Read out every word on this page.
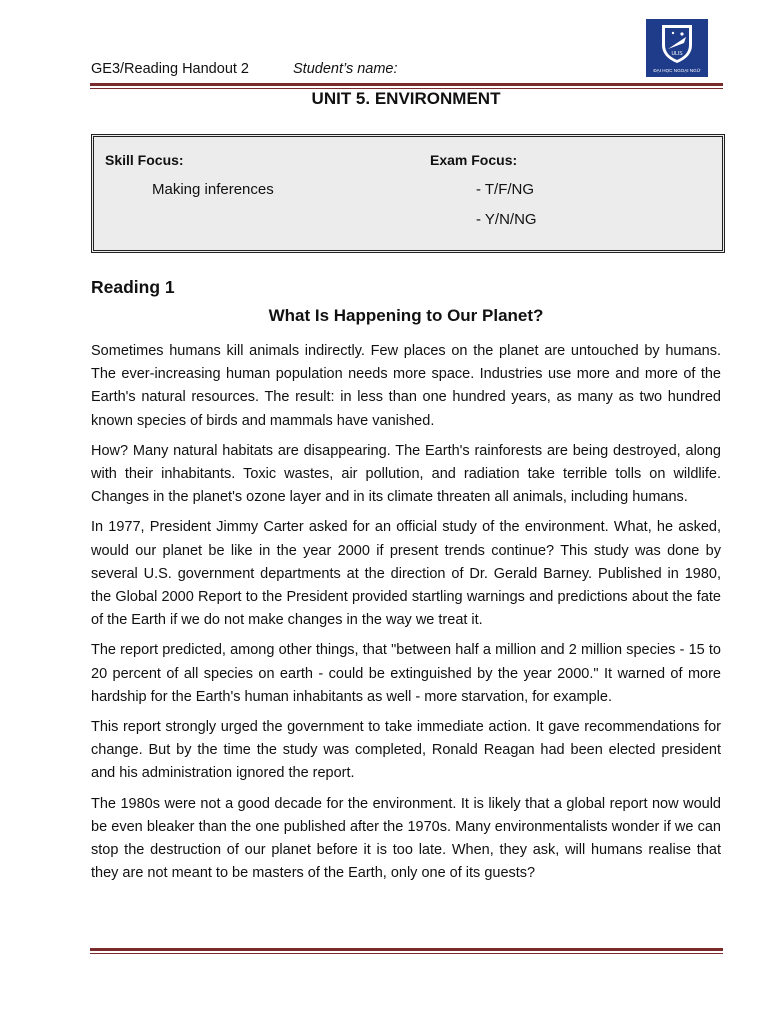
GE3/Reading Handout 2	Student’s name:
ULIS
ĐẠI HỌC NGOẠI NGỮ
UNIT 5. ENVIRONMENT
Skill Focus:
Making inferences
Exam Focus:
- T/F/NG
- Y/N/NG
Reading 1
What Is Happening to Our Planet?

Sometimes humans kill animals indirectly. Few places on the planet are untouched by humans. The ever-increasing human population needs more space. Industries use more and more of the Earth's natural resources. The result: in less than one hundred years, as many as two hundred known species of birds and mammals have vanished.

How? Many natural habitats are disappearing. The Earth's rainforests are being destroyed, along with their inhabitants. Toxic wastes, air pollution, and radiation take terrible tolls on wildlife. Changes in the planet's ozone layer and in its climate threaten all animals, including humans.

In 1977, President Jimmy Carter asked for an official study of the environment. What, he asked, would our planet be like in the year 2000 if present trends continue? This study was done by several U.S. government departments at the direction of Dr. Gerald Barney. Published in 1980, the Global 2000 Report to the President provided startling warnings and predictions about the fate of the Earth if we do not make changes in the way we treat it.

The report predicted, among other things, that "between half a million and 2 million species - 15 to 20 percent of all species on earth - could be extinguished by the year 2000." It warned of more hardship for the Earth's human inhabitants as well - more starvation, for example.

This report strongly urged the government to take immediate action. It gave recommendations for change. But by the time the study was completed, Ronald Reagan had been elected president and his administration ignored the report.

The 1980s were not a good decade for the environment. It is likely that a global report now would be even bleaker than the one published after the 1970s. Many environmentalists wonder if we can stop the destruction of our planet before it is too late. When, they ask, will humans realise that they are not meant to be masters of the Earth, only one of its guests?
